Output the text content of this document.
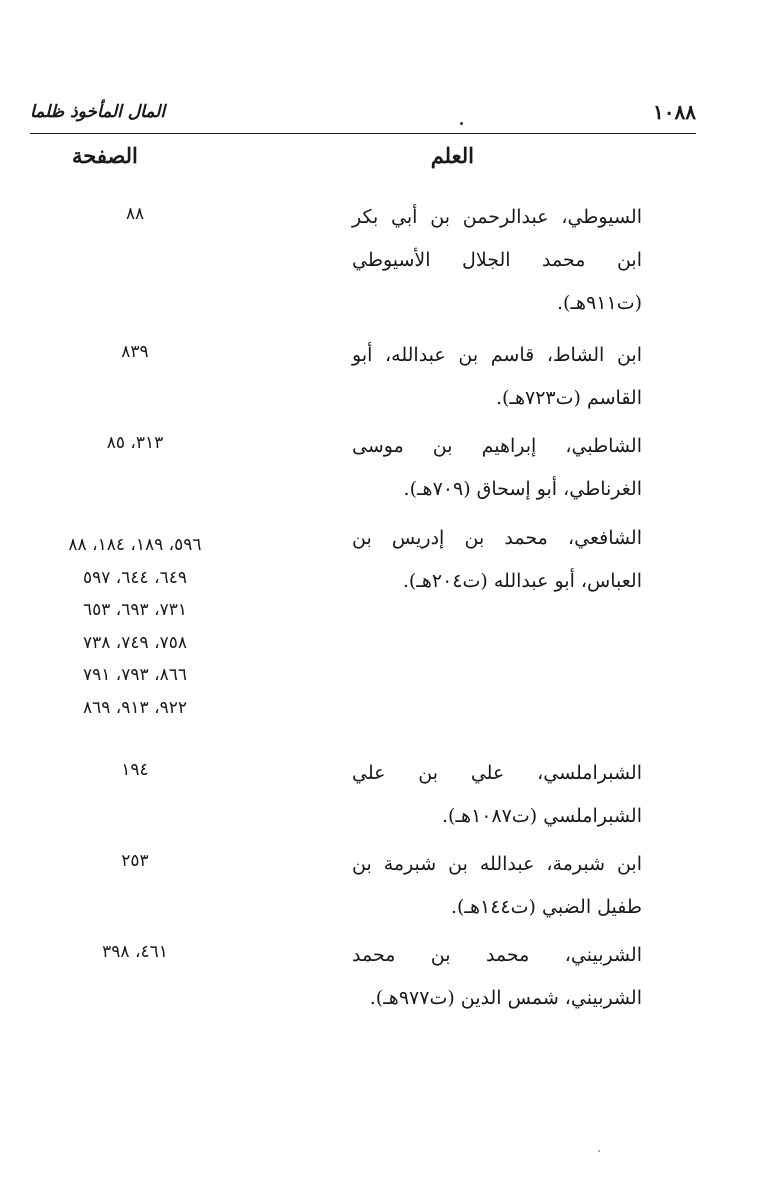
١٠٨٨
المال المأخوذ ظلما
العلم
الصفحة
السيوطي، عبدالرحمن بن أبي بكر
ابن محمد الجلال الأسيوطي
(ت٩١١هـ).
٨٨
ابن الشاط، قاسم بن عبدالله، أبو
القاسم (ت٧٢٣هـ).
٨٣٩
الشاطبي، إبراهيم بن موسى
الغرناطي، أبو إسحاق (٧٠٩هـ).
٣١٣، ٨٥
الشافعي، محمد بن إدريس بن
العباس، أبو عبدالله (ت٢٠٤هـ).
٥٩٦، ١٨٩، ١٨٤، ٨٨
٦٤٩، ٦٤٤، ٥٩٧
٧٣١، ٦٩٣، ٦٥٣
٧٥٨، ٧٤٩، ٧٣٨
٨٦٦، ٧٩٣، ٧٩١
٩٢٢، ٩١٣، ٨٦٩
الشبراملسي، علي بن علي
الشبراملسي (ت١٠٨٧هـ).
١٩٤
ابن شبرمة، عبدالله بن شبرمة بن
طفيل الضبي (ت١٤٤هـ).
٢٥٣
الشربيني، محمد بن محمد
الشربيني، شمس الدين (ت٩٧٧هـ).
٤٦١، ٣٩٨
